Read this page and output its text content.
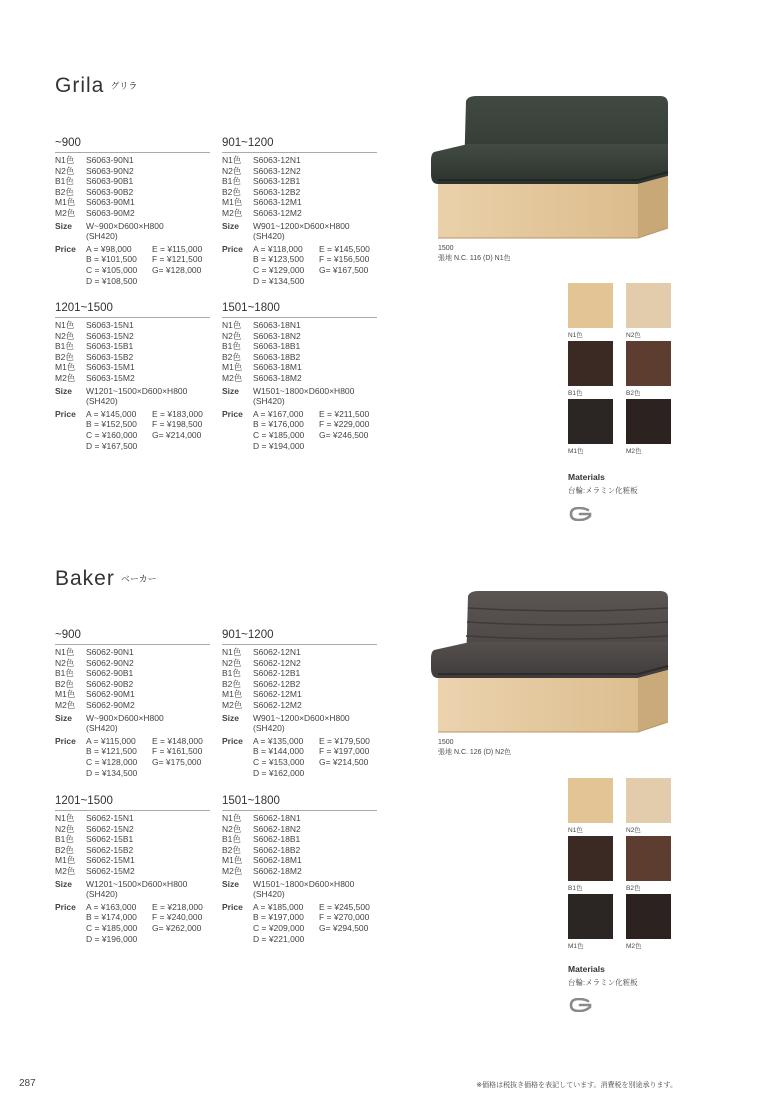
Grila グリラ
~900
N1色	S6063-90N1
N2色	S6063-90N2
B1色	S6063-90B1
B2色	S6063-90B2
M1色	S6063-90M1
M2色	S6063-90M2
Size	W~900×D600×H800
(SH420)
Price	A = ¥98,000	E = ¥115,000
B = ¥101,500	F = ¥121,500
C = ¥105,000	G= ¥128,000
D = ¥108,500
901~1200
N1色	S6063-12N1
N2色	S6063-12N2
B1色	S6063-12B1
B2色	S6063-12B2
M1色	S6063-12M1
M2色	S6063-12M2
Size	W901~1200×D600×H800
(SH420)
Price	A = ¥118,000	E = ¥145,500
B = ¥123,500	F = ¥156,500
C = ¥129,000	G= ¥167,500
D = ¥134,500
1201~1500
N1色	S6063-15N1
N2色	S6063-15N2
B1色	S6063-15B1
B2色	S6063-15B2
M1色	S6063-15M1
M2色	S6063-15M2
Size	W1201~1500×D600×H800
(SH420)
Price	A = ¥145,000	E = ¥183,000
B = ¥152,500	F = ¥198,500
C = ¥160,000	G= ¥214,000
D = ¥167,500
1501~1800
N1色	S6063-18N1
N2色	S6063-18N2
B1色	S6063-18B1
B2色	S6063-18B2
M1色	S6063-18M1
M2色	S6063-18M2
Size	W1501~1800×D600×H800
(SH420)
Price	A = ¥167,000	E = ¥211,500
B = ¥176,000	F = ¥229,000
C = ¥185,000	G= ¥246,500
D = ¥194,000
1500
張地 N.C. 116 (D) N1色
N1色	N2色
B1色	B2色
M1色	M2色
Materials
台輪:メラミン化粧板
Baker ベーカー
~900
N1色	S6062-90N1
N2色	S6062-90N2
B1色	S6062-90B1
B2色	S6062-90B2
M1色	S6062-90M1
M2色	S6062-90M2
Size	W~900×D600×H800
(SH420)
Price	A = ¥115,000	E = ¥148,000
B = ¥121,500	F = ¥161,500
C = ¥128,000	G= ¥175,000
D = ¥134,500
901~1200
N1色	S6062-12N1
N2色	S6062-12N2
B1色	S6062-12B1
B2色	S6062-12B2
M1色	S6062-12M1
M2色	S6062-12M2
Size	W901~1200×D600×H800
(SH420)
Price	A = ¥135,000	E = ¥179,500
B = ¥144,000	F = ¥197,000
C = ¥153,000	G= ¥214,500
D = ¥162,000
1201~1500
N1色	S6062-15N1
N2色	S6062-15N2
B1色	S6062-15B1
B2色	S6062-15B2
M1色	S6062-15M1
M2色	S6062-15M2
Size	W1201~1500×D600×H800
(SH420)
Price	A = ¥163,000	E = ¥218,000
B = ¥174,000	F = ¥240,000
C = ¥185,000	G= ¥262,000
D = ¥196,000
1501~1800
N1色	S6062-18N1
N2色	S6062-18N2
B1色	S6062-18B1
B2色	S6062-18B2
M1色	S6062-18M1
M2色	S6062-18M2
Size	W1501~1800×D600×H800
(SH420)
Price	A = ¥185,000	E = ¥245,500
B = ¥197,000	F = ¥270,000
C = ¥209,000	G= ¥294,500
D = ¥221,000
1500
張地 N.C. 126 (D) N2色
N1色	N2色
B1色	B2色
M1色	M2色
Materials
台輪:メラミン化粧板
287	※価格は税抜き価格を表記しています。消費税を別途承ります。
